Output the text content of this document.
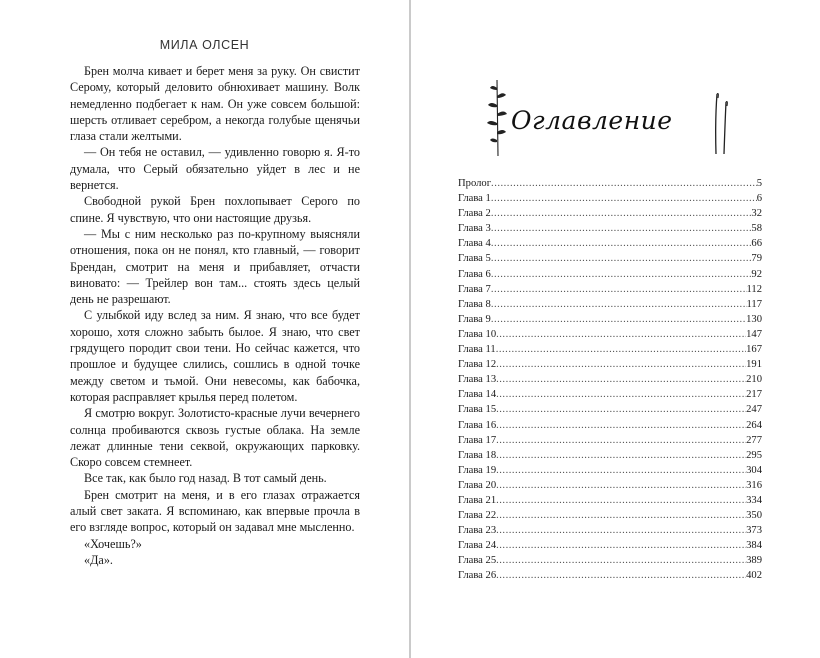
МИЛА ОЛСЕН

Брен молча кивает и берет меня за руку. Он свистит Серому, который деловито обнюхивает машину. Волк немедленно подбегает к нам. Он уже совсем большой: шерсть отливает серебром, а некогда голубые щенячьи глаза стали желтыми.

— Он тебя не оставил, — удивленно говорю я. Я-то думала, что Серый обязательно уйдет в лес и не вернется.

Свободной рукой Брен похлопывает Серого по спине. Я чувствую, что они настоящие друзья.

— Мы с ним несколько раз по-крупному выясняли отношения, пока он не понял, кто главный, — говорит Брендан, смотрит на меня и прибавляет, отчасти виновато: — Трейлер вон там... стоять здесь целый день не разрешают.

С улыбкой иду вслед за ним. Я знаю, что все будет хорошо, хотя сложно забыть былое. Я знаю, что свет грядущего породит свои тени. Но сейчас кажется, что прошлое и будущее слились, сошлись в одной точке между светом и тьмой. Они невесомы, как бабочка, которая расправляет крылья перед полетом.

Я смотрю вокруг. Золотисто-красные лучи вечернего солнца пробиваются сквозь густые облака. На земле лежат длинные тени секвой, окружающих парковку. Скоро совсем стемнеет.

Все так, как было год назад. В тот самый день.

Брен смотрит на меня, и в его глазах отражается алый свет заката. Я вспоминаю, как впервые прочла в его взгляде вопрос, который он задавал мне мысленно.

«Хочешь?»

«Да».

Оглавление
Пролог .....	5
Глава 1 .....	6
Глава 2 .....	32
Глава 3 .....	58
Глава 4 .....	66
Глава 5 .....	79
Глава 6 .....	92
Глава 7 .....	112
Глава 8 .....	117
Глава 9 .....	130
Глава 10 .....	147
Глава 11 .....	167
Глава 12 .....	191
Глава 13 .....	210
Глава 14 .....	217
Глава 15 .....	247
Глава 16 .....	264
Глава 17 .....	277
Глава 18 .....	295
Глава 19 .....	304
Глава 20 .....	316
Глава 21 .....	334
Глава 22 .....	350
Глава 23 .....	373
Глава 24 .....	384
Глава 25 .....	389
Глава 26 .....	402
